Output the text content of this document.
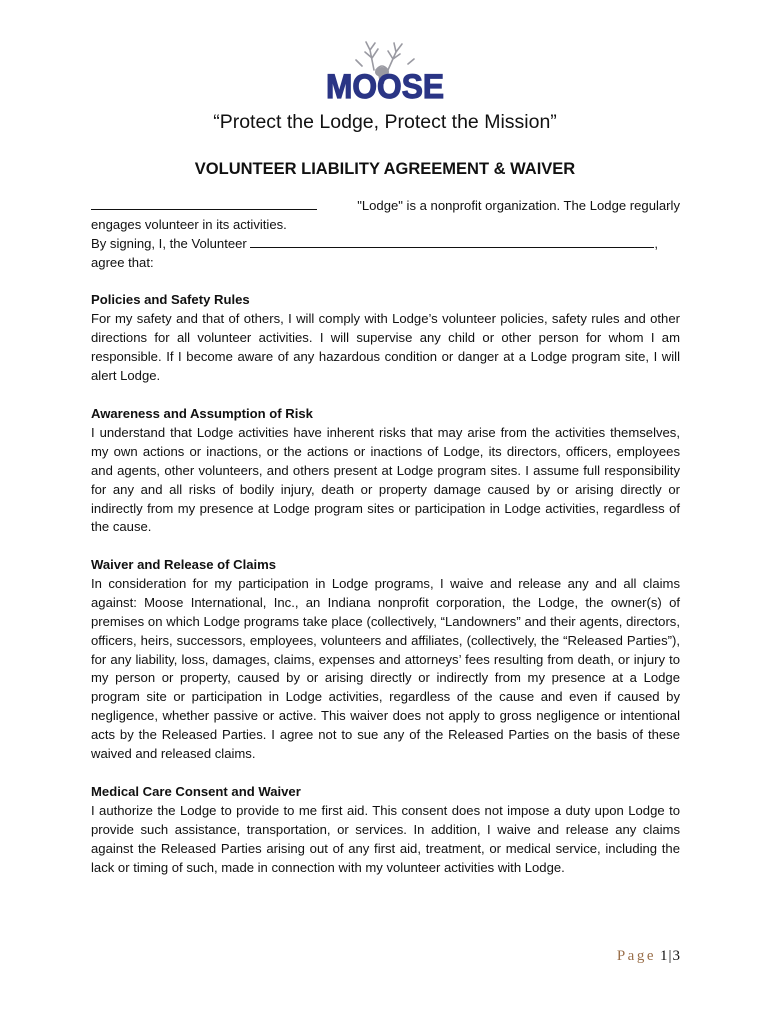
MOOSE
“Protect the Lodge, Protect the Mission”
VOLUNTEER LIABILITY AGREEMENT & WAIVER
"Lodge" is a nonprofit organization. The Lodge regularly
engages volunteer in its activities.
By signing, I, the Volunteer	,
agree that:

Policies and Safety Rules

For my safety and that of others, I will comply with Lodge’s volunteer policies, safety rules and other directions for all volunteer activities. I will supervise any child or other person for whom I am responsible. If I become aware of any hazardous condition or danger at a Lodge program site, I will alert Lodge.

Awareness and Assumption of Risk

I understand that Lodge activities have inherent risks that may arise from the activities themselves, my own actions or inactions, or the actions or inactions of Lodge, its directors, officers, employees and agents, other volunteers, and others present at Lodge program sites. I assume full responsibility for any and all risks of bodily injury, death or property damage caused by or arising directly or indirectly from my presence at Lodge program sites or participation in Lodge activities, regardless of the cause.

Waiver and Release of Claims

In consideration for my participation in Lodge programs, I waive and release any and all claims against: Moose International, Inc., an Indiana nonprofit corporation, the Lodge, the owner(s) of premises on which Lodge programs take place (collectively, “Landowners” and their agents, directors, officers, heirs, successors, employees, volunteers and affiliates, (collectively, the “Released Parties”), for any liability, loss, damages, claims, expenses and attorneys’ fees resulting from death, or injury to my person or property, caused by or arising directly or indirectly from my presence at a Lodge program site or participation in Lodge activities, regardless of the cause and even if caused by negligence, whether passive or active. This waiver does not apply to gross negligence or intentional acts by the Released Parties. I agree not to sue any of the Released Parties on the basis of these waived and released claims.

Medical Care Consent and Waiver

I authorize the Lodge to provide to me first aid. This consent does not impose a duty upon Lodge to provide such assistance, transportation, or services. In addition, I waive and release any claims against the Released Parties arising out of any first aid, treatment, or medical service, including the lack or timing of such, made in connection with my volunteer activities with Lodge.

Page 1|3
